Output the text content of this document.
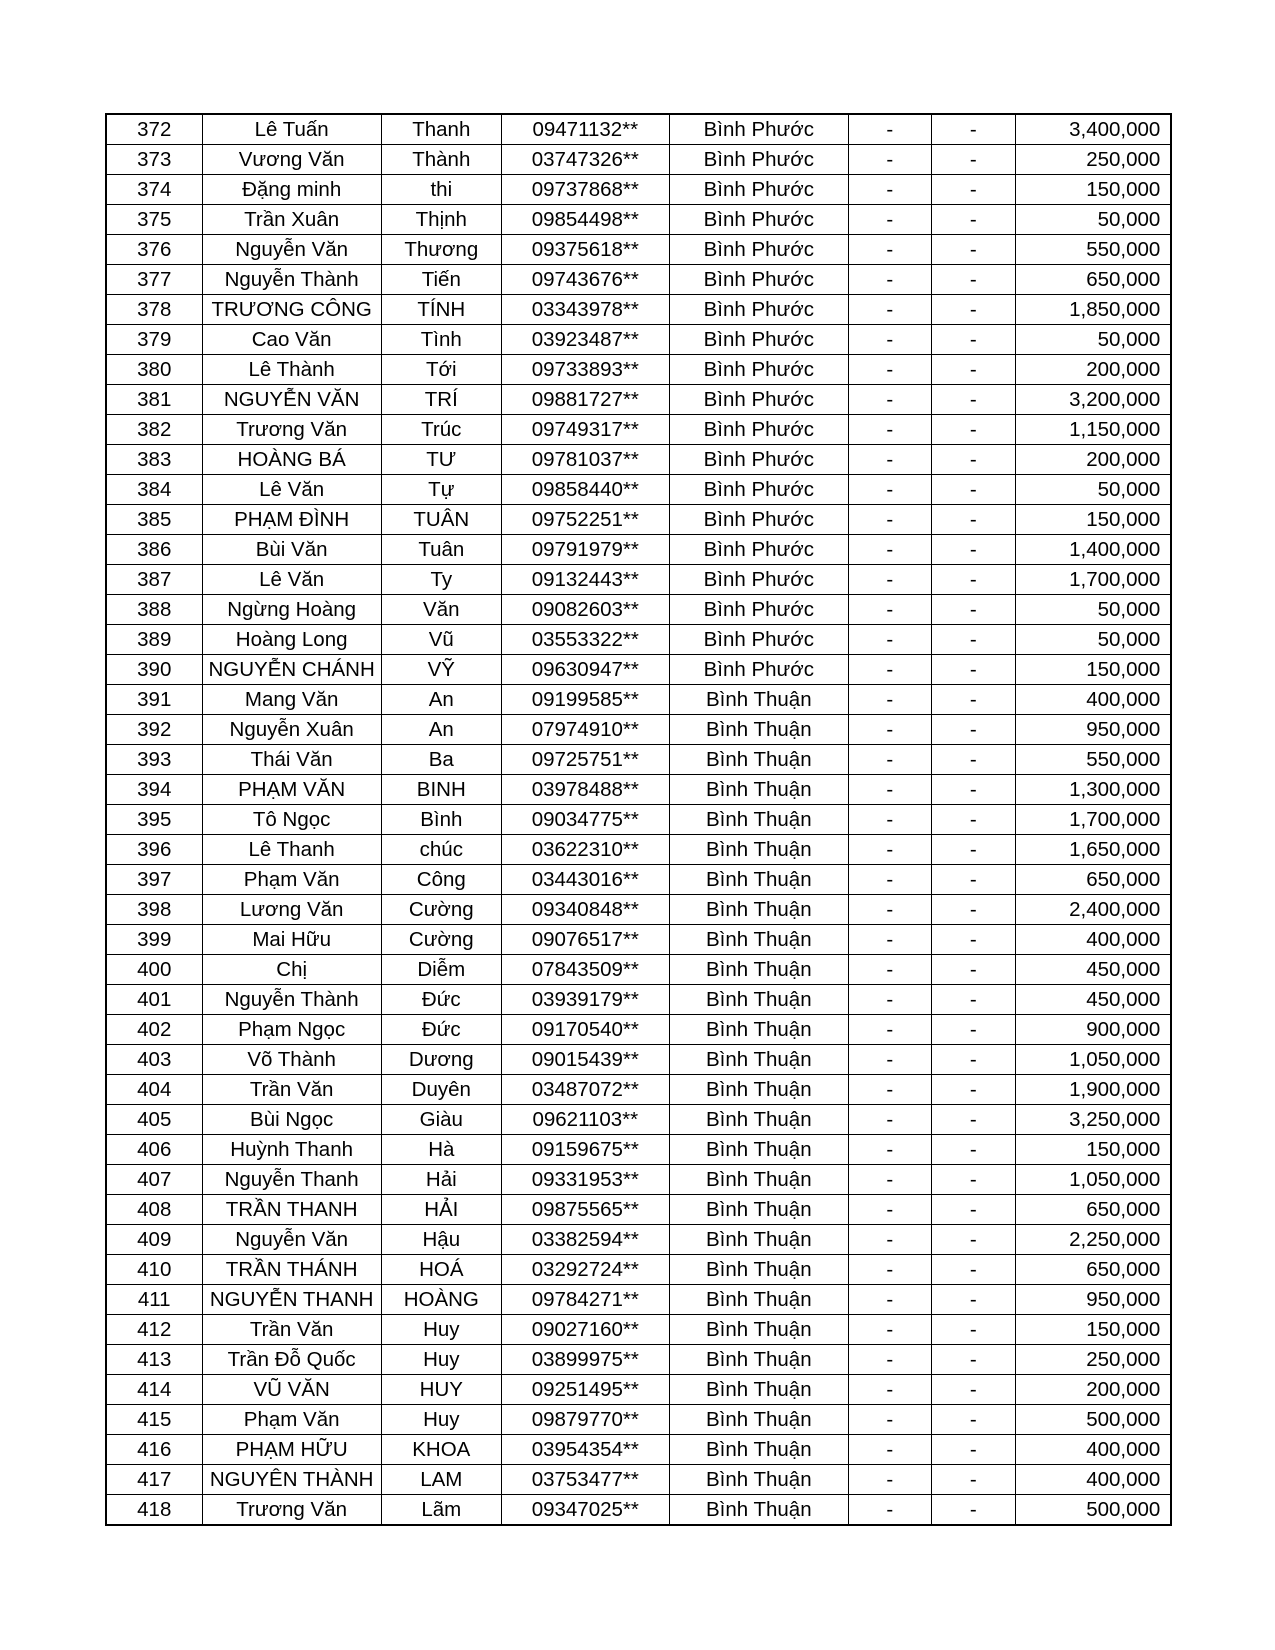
372	Lê Tuấn	Thanh	09471132**	Bình Phước	-	-	3,400,000
373	Vương Văn	Thành	03747326**	Bình Phước	-	-	250,000
374	Đặng minh	thi	09737868**	Bình Phước	-	-	150,000
375	Trần Xuân	Thịnh	09854498**	Bình Phước	-	-	50,000
376	Nguyễn Văn	Thương	09375618**	Bình Phước	-	-	550,000
377	Nguyễn Thành	Tiến	09743676**	Bình Phước	-	-	650,000
378	TRƯƠNG CÔNG	TÍNH	03343978**	Bình Phước	-	-	1,850,000
379	Cao Văn	Tình	03923487**	Bình Phước	-	-	50,000
380	Lê Thành	Tới	09733893**	Bình Phước	-	-	200,000
381	NGUYỄN VĂN	TRÍ	09881727**	Bình Phước	-	-	3,200,000
382	Trương Văn	Trúc	09749317**	Bình Phước	-	-	1,150,000
383	HOÀNG BÁ	TƯ	09781037**	Bình Phước	-	-	200,000
384	Lê Văn	Tự	09858440**	Bình Phước	-	-	50,000
385	PHẠM ĐÌNH	TUÂN	09752251**	Bình Phước	-	-	150,000
386	Bùi Văn	Tuân	09791979**	Bình Phước	-	-	1,400,000
387	Lê Văn	Ty	09132443**	Bình Phước	-	-	1,700,000
388	Ngừng Hoàng	Văn	09082603**	Bình Phước	-	-	50,000
389	Hoàng Long	Vũ	03553322**	Bình Phước	-	-	50,000
390	NGUYỄN CHÁNH	VỸ	09630947**	Bình Phước	-	-	150,000
391	Mang Văn	An	09199585**	Bình Thuận	-	-	400,000
392	Nguyễn Xuân	An	07974910**	Bình Thuận	-	-	950,000
393	Thái Văn	Ba	09725751**	Bình Thuận	-	-	550,000
394	PHẠM VĂN	BINH	03978488**	Bình Thuận	-	-	1,300,000
395	Tô Ngọc	Bình	09034775**	Bình Thuận	-	-	1,700,000
396	Lê Thanh	chúc	03622310**	Bình Thuận	-	-	1,650,000
397	Phạm Văn	Công	03443016**	Bình Thuận	-	-	650,000
398	Lương Văn	Cường	09340848**	Bình Thuận	-	-	2,400,000
399	Mai Hữu	Cường	09076517**	Bình Thuận	-	-	400,000
400	Chị	Diễm	07843509**	Bình Thuận	-	-	450,000
401	Nguyễn Thành	Đức	03939179**	Bình Thuận	-	-	450,000
402	Phạm Ngọc	Đức	09170540**	Bình Thuận	-	-	900,000
403	Võ Thành	Dương	09015439**	Bình Thuận	-	-	1,050,000
404	Trần Văn	Duyên	03487072**	Bình Thuận	-	-	1,900,000
405	Bùi Ngọc	Giàu	09621103**	Bình Thuận	-	-	3,250,000
406	Huỳnh Thanh	Hà	09159675**	Bình Thuận	-	-	150,000
407	Nguyễn Thanh	Hải	09331953**	Bình Thuận	-	-	1,050,000
408	TRẦN THANH	HẢI	09875565**	Bình Thuận	-	-	650,000
409	Nguyễn Văn	Hậu	03382594**	Bình Thuận	-	-	2,250,000
410	TRẦN THÁNH	HOÁ	03292724**	Bình Thuận	-	-	650,000
411	NGUYỄN THANH	HOÀNG	09784271**	Bình Thuận	-	-	950,000
412	Trần Văn	Huy	09027160**	Bình Thuận	-	-	150,000
413	Trần Đỗ Quốc	Huy	03899975**	Bình Thuận	-	-	250,000
414	VŨ VĂN	HUY	09251495**	Bình Thuận	-	-	200,000
415	Phạm Văn	Huy	09879770**	Bình Thuận	-	-	500,000
416	PHẠM HỮU	KHOA	03954354**	Bình Thuận	-	-	400,000
417	NGUYÊN THÀNH	LAM	03753477**	Bình Thuận	-	-	400,000
418	Trương Văn	Lãm	09347025**	Bình Thuận	-	-	500,000
